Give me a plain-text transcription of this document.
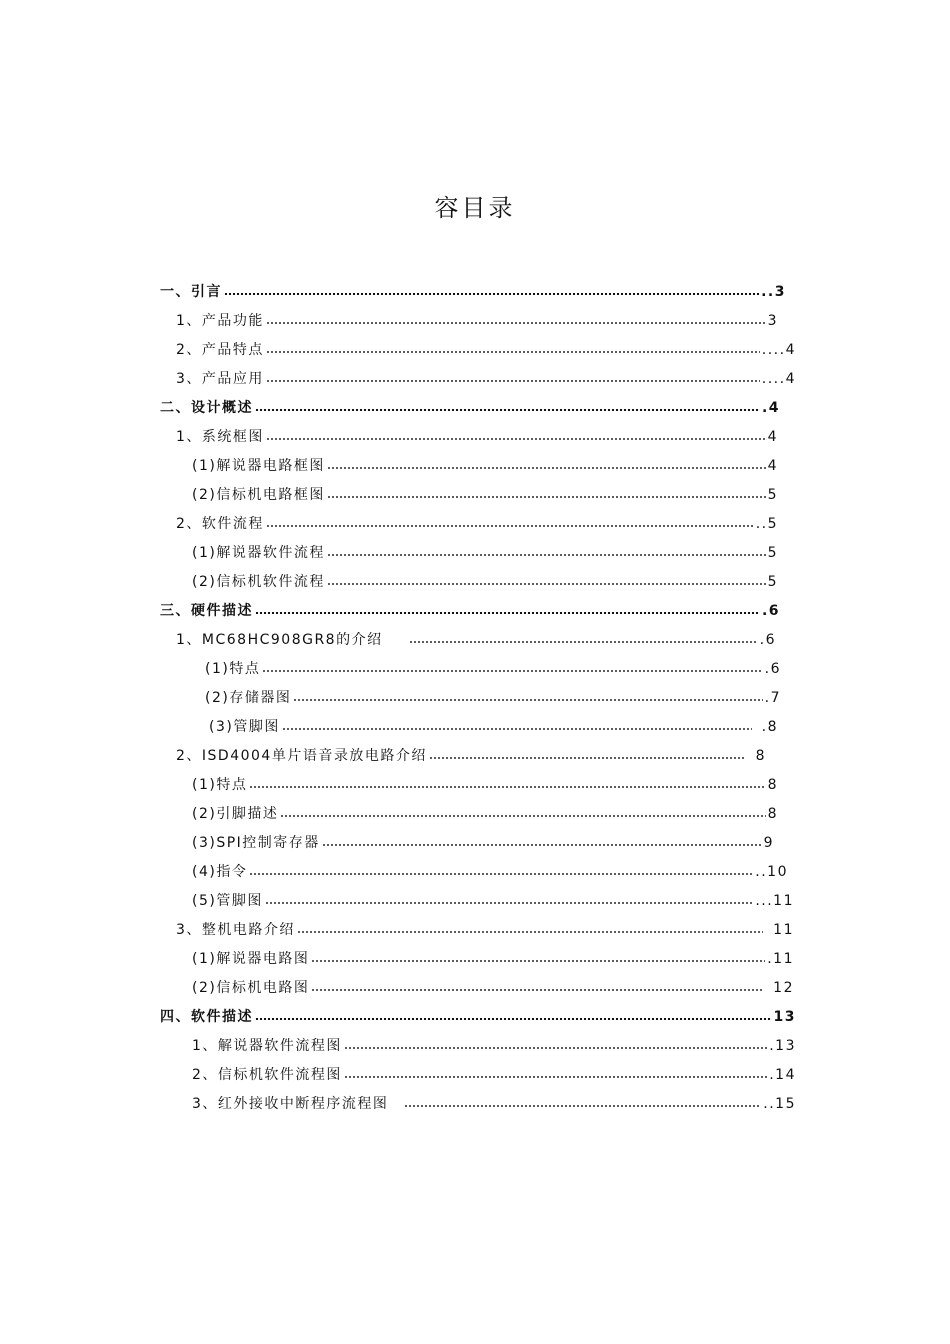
容目录
一、引言	..3
1、产品功能	3
2、产品特点	....4
3、产品应用	....4
二、设计概述	.4
1、系统框图	4
(1)解说器电路框图	4
(2)信标机电路框图	5
2、软件流程	..5
(1)解说器软件流程	5
(2)信标机软件流程	5
三、硬件描述	.6
1、MC68HC908GR8的介绍	.6
(1)特点	.6
(2)存储器图	.7
(3)管脚图	.8
2、ISD4004单片语音录放电路介绍	8
(1)特点	8
(2)引脚描述	8
(3)SPI控制寄存器	9
(4)指令	..10
(5)管脚图	...11
3、整机电路介绍	11
(1)解说器电路图	.11
(2)信标机电路图	12
四、软件描述	13
1、解说器软件流程图	.13
2、信标机软件流程图	.14
3、红外接收中断程序流程图	..15
